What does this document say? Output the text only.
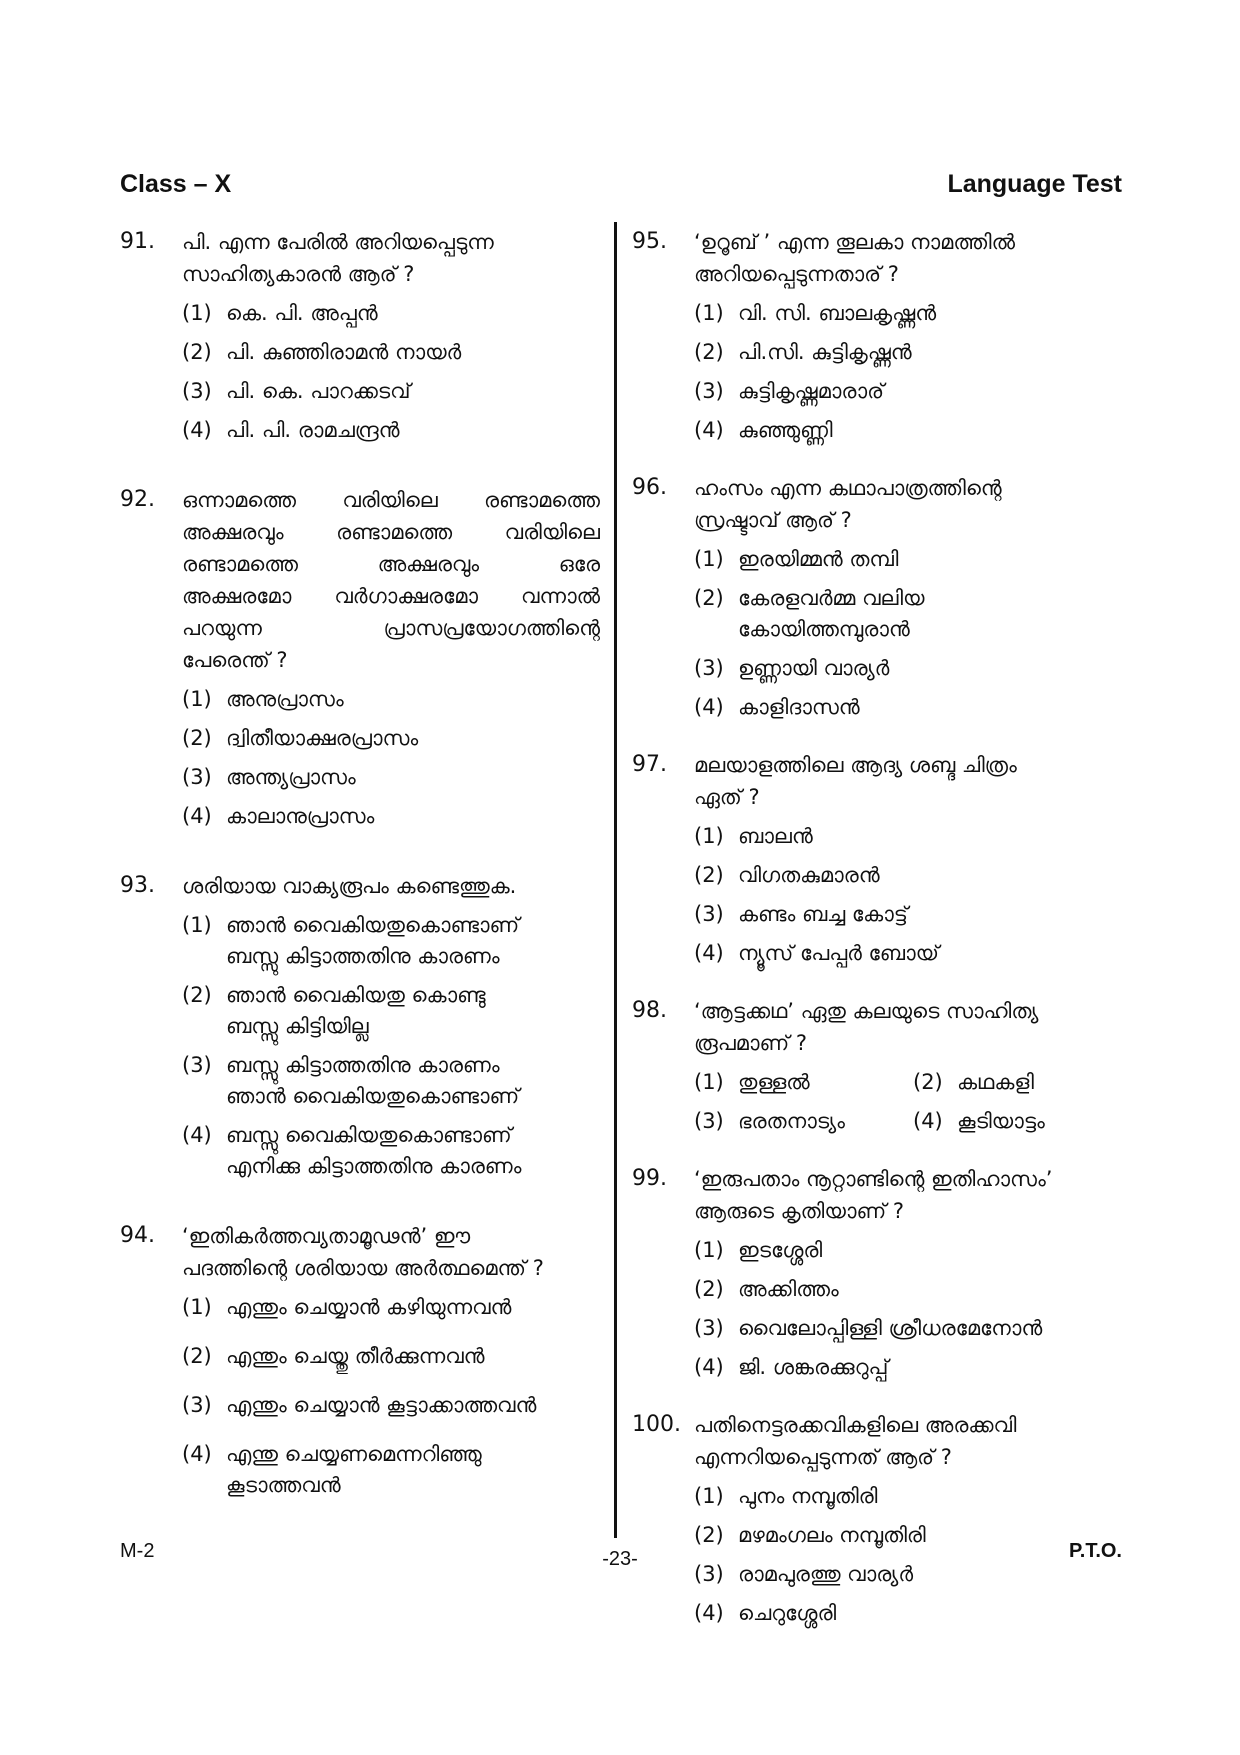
Class – X	Language Test
91.	പി. എന്ന പേരിൽ അറിയപ്പെടുന്ന
സാഹിത്യകാരൻ ആര് ?
(1) കെ. പി. അപ്പൻ
(2) പി. കുഞ്ഞിരാമൻ നായർ
(3) പി. കെ. പാറക്കടവ്
(4) പി. പി. രാമചന്ദ്രൻ
92.	ഒന്നാമത്തെ വരിയിലെ രണ്ടാമത്തെ
അക്ഷരവും രണ്ടാമത്തെ വരിയിലെ
രണ്ടാമത്തെ അക്ഷരവും ഒരേ
അക്ഷരമോ വർഗാക്ഷരമോ വന്നാൽ
പറയുന്ന പ്രാസപ്രയോഗത്തിന്റെ
പേരെന്ത് ?
(1) അനുപ്രാസം
(2) ദ്വിതീയാക്ഷരപ്രാസം
(3) അന്ത്യപ്രാസം
(4) കാലാനുപ്രാസം
93.	ശരിയായ വാക്യരൂപം കണ്ടെത്തുക.
(1) ഞാൻ വൈകിയതുകൊണ്ടാണ്
ബസ്സു കിട്ടാത്തതിനു കാരണം
(2) ഞാൻ വൈകിയതു കൊണ്ടു
ബസ്സു കിട്ടിയില്ല
(3) ബസ്സു കിട്ടാത്തതിനു കാരണം
ഞാൻ വൈകിയതുകൊണ്ടാണ്
(4) ബസ്സു വൈകിയതുകൊണ്ടാണ്
എനിക്കു കിട്ടാത്തതിനു കാരണം
94.	‘ഇതികർത്തവ്യതാമൂഢൻ’ ഈ
പദത്തിന്റെ ശരിയായ അർത്ഥമെന്ത് ?
(1) എന്തും ചെയ്യാൻ കഴിയുന്നവൻ
(2) എന്തും ചെയ്തു തീർക്കുന്നവൻ
(3) എന്തും ചെയ്യാൻ കൂട്ടാക്കാത്തവൻ
(4) എന്തു ചെയ്യണമെന്നറിഞ്ഞു
കൂടാത്തവൻ
95.	‘ഉറൂബ് ’ എന്ന തൂലകാ നാമത്തിൽ
അറിയപ്പെടുന്നതാര് ?
(1) വി. സി. ബാലകൃഷ്ണൻ
(2) പി.സി. കുട്ടികൃഷ്ണൻ
(3) കുട്ടികൃഷ്ണമാരാര്
(4) കുഞ്ഞുണ്ണി
96.	ഹംസം എന്ന കഥാപാത്രത്തിന്റെ
സ്രഷ്ടാവ് ആര് ?
(1) ഇരയിമ്മൻ തമ്പി
(2) കേരളവർമ്മ വലിയ
കോയിത്തമ്പുരാൻ
(3) ഉണ്ണായി വാര്യർ
(4) കാളിദാസൻ
97.	മലയാളത്തിലെ ആദ്യ ശബ്ദ ചിത്രം
ഏത് ?
(1) ബാലൻ
(2) വിഗതകുമാരൻ
(3) കണ്ടം ബച്ച കോട്ട്
(4) ന്യൂസ് പേപ്പർ ബോയ്
98.	‘ആട്ടക്കഥ’ ഏതു കലയുടെ സാഹിത്യ
രൂപമാണ് ?
(1) തുള്ളൽ	(2) കഥകളി
(3) ഭരതനാട്യം	(4) കൂടിയാട്ടം
99.	‘ഇരുപതാം നൂറ്റാണ്ടിന്റെ ഇതിഹാസം’
ആരുടെ കൃതിയാണ് ?
(1) ഇടശ്ശേരി
(2) അക്കിത്തം
(3) വൈലോപ്പിള്ളി ശ്രീധരമേനോൻ
(4) ജി. ശങ്കരക്കുറുപ്പ്
100. പതിനെട്ടരക്കവികളിലെ അരക്കവി
എന്നറിയപ്പെടുന്നത് ആര് ?
(1) പുനം നമ്പൂതിരി
(2) മഴമംഗലം നമ്പൂതിരി
(3) രാമപുരത്തു വാര്യർ
(4) ചെറുശ്ശേരി
M-2	-23-	P.T.O.
